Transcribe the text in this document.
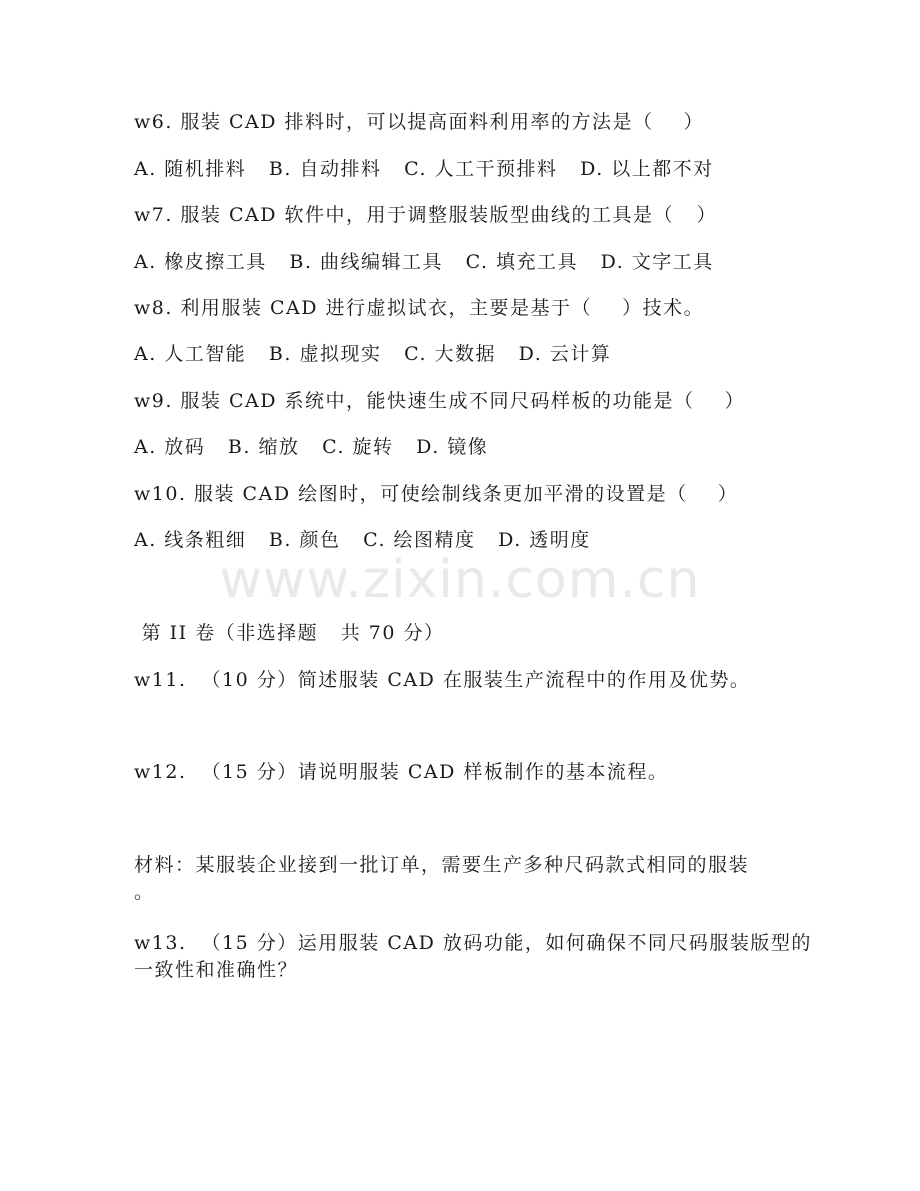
w6. 服装 CAD 排料时，可以提高面料利用率的方法是（    ）
A. 随机排料   B. 自动排料   C. 人工干预排料   D. 以上都不对
w7. 服装 CAD 软件中，用于调整服装版型曲线的工具是（   ）
A. 橡皮擦工具   B. 曲线编辑工具   C. 填充工具   D. 文字工具
w8. 利用服装 CAD 进行虚拟试衣，主要是基于（    ）技术。
A. 人工智能   B. 虚拟现实   C. 大数据   D. 云计算
w9. 服装 CAD 系统中，能快速生成不同尺码样板的功能是（    ）
A. 放码   B. 缩放   C. 旋转   D. 镜像
w10. 服装 CAD 绘图时，可使绘制线条更加平滑的设置是（    ）
A. 线条粗细   B. 颜色   C. 绘图精度   D. 透明度
www.zixin.com.cn
第 II 卷（非选择题   共 70 分）
w11.  （10 分）简述服装 CAD 在服装生产流程中的作用及优势。
w12.  （15 分）请说明服装 CAD 样板制作的基本流程。
材料：某服装企业接到一批订单，需要生产多种尺码款式相同的服装
。
w13.  （15 分）运用服装 CAD 放码功能，如何确保不同尺码服装版型的
一致性和准确性？
